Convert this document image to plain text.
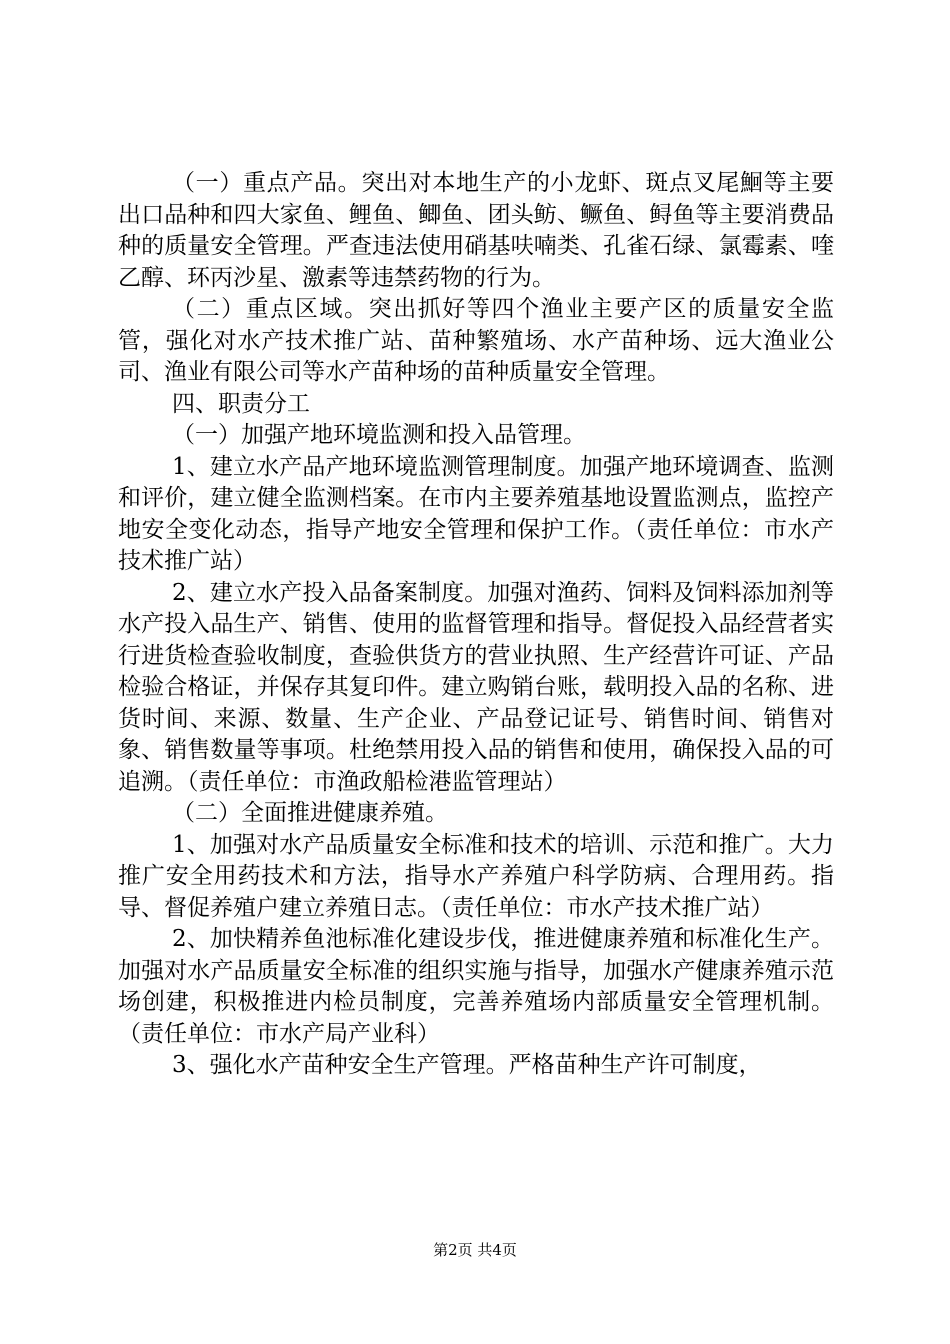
（一）重点产品。突出对本地生产的小龙虾、斑点叉尾鮰等主要出口品种和四大家鱼、鲤鱼、鲫鱼、团头鲂、鳜鱼、鲟鱼等主要消费品种的质量安全管理。严查违法使用硝基呋喃类、孔雀石绿、氯霉素、喹乙醇、环丙沙星、激素等违禁药物的行为。

（二）重点区域。突出抓好等四个渔业主要产区的质量安全监管，强化对水产技术推广站、苗种繁殖场、水产苗种场、远大渔业公司、渔业有限公司等水产苗种场的苗种质量安全管理。

四、职责分工

（一）加强产地环境监测和投入品管理。

1、建立水产品产地环境监测管理制度。加强产地环境调查、监测和评价，建立健全监测档案。在市内主要养殖基地设置监测点，监控产地安全变化动态，指导产地安全管理和保护工作。（责任单位：市水产技术推广站）

2、建立水产投入品备案制度。加强对渔药、饲料及饲料添加剂等水产投入品生产、销售、使用的监督管理和指导。督促投入品经营者实行进货检查验收制度，查验供货方的营业执照、生产经营许可证、产品检验合格证，并保存其复印件。建立购销台账，载明投入品的名称、进货时间、来源、数量、生产企业、产品登记证号、销售时间、销售对象、销售数量等事项。杜绝禁用投入品的销售和使用，确保投入品的可追溯。（责任单位：市渔政船检港监管理站）

（二）全面推进健康养殖。

1、加强对水产品质量安全标准和技术的培训、示范和推广。大力推广安全用药技术和方法，指导水产养殖户科学防病、合理用药。指导、督促养殖户建立养殖日志。（责任单位：市水产技术推广站）

2、加快精养鱼池标准化建设步伐，推进健康养殖和标准化生产。加强对水产品质量安全标准的组织实施与指导，加强水产健康养殖示范场创建，积极推进内检员制度，完善养殖场内部质量安全管理机制。（责任单位：市水产局产业科）

3、强化水产苗种安全生产管理。严格苗种生产许可制度，

第2页 共4页
